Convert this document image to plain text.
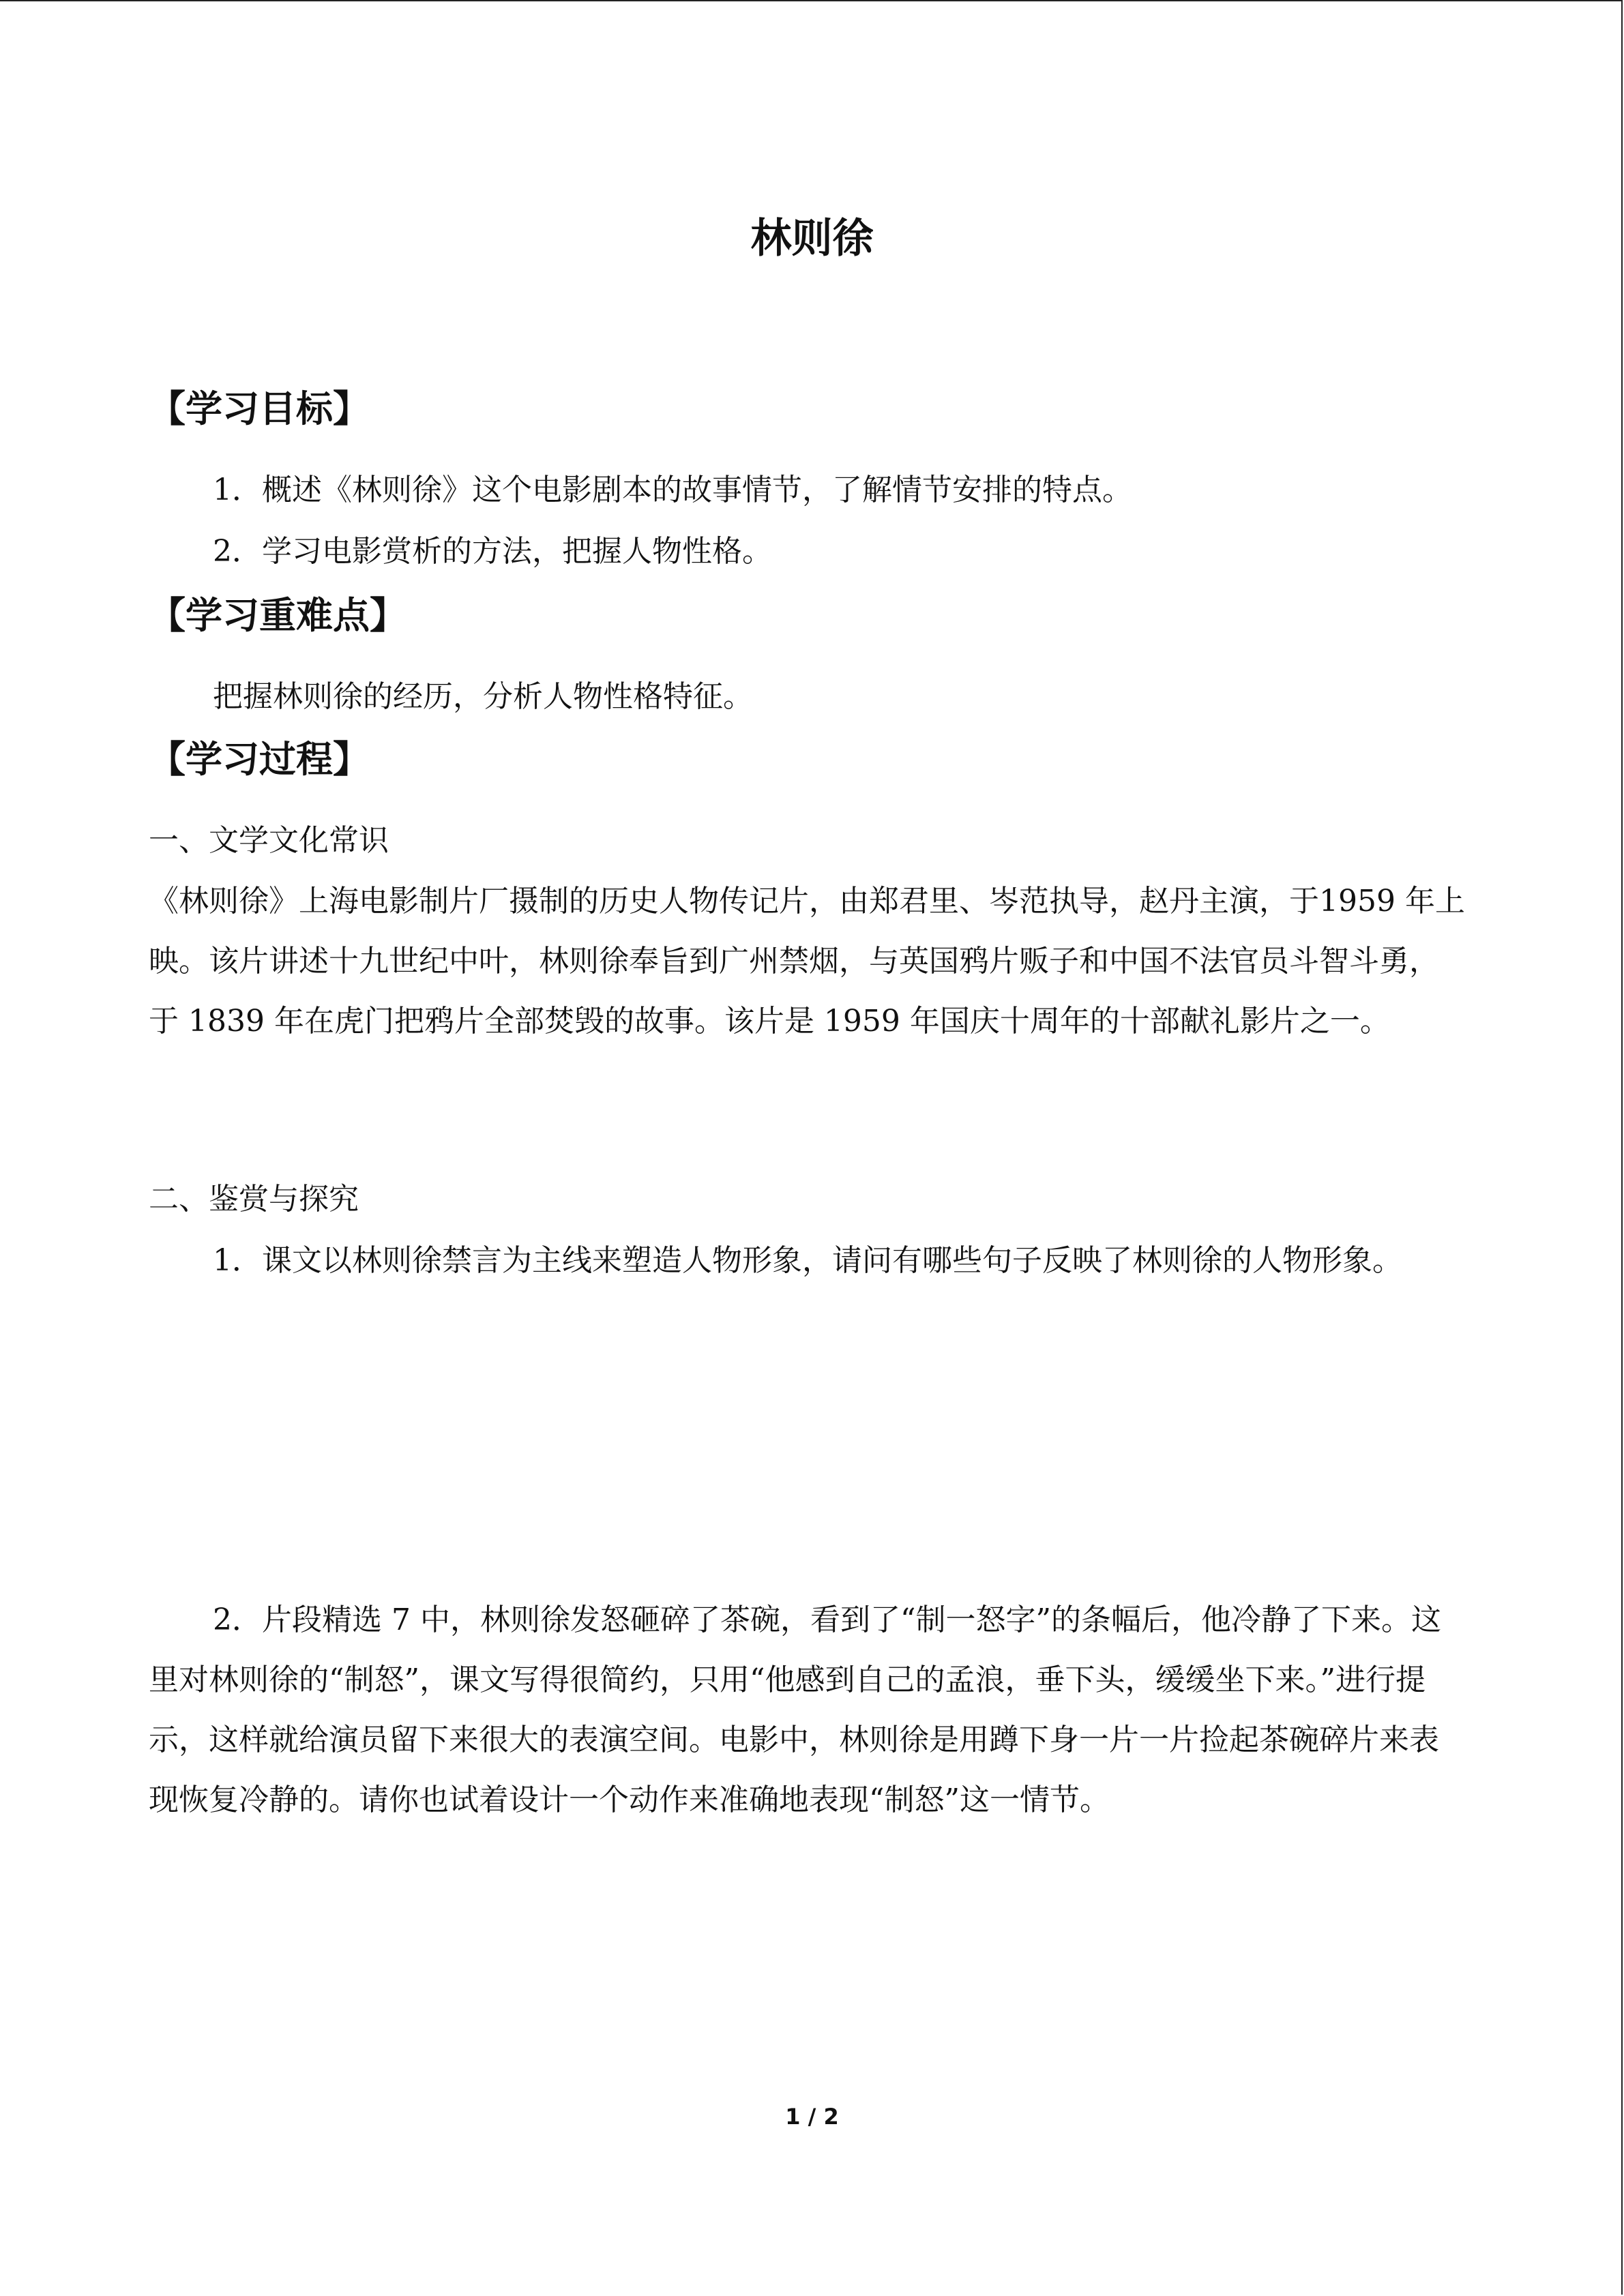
林则徐
【学习目标】
1．概述《林则徐》这个电影剧本的故事情节，了解情节安排的特点。
2．学习电影赏析的方法，把握人物性格。
【学习重难点】
把握林则徐的经历，分析人物性格特征。
【学习过程】
一、文学文化常识
《林则徐》上海电影制片厂摄制的历史人物传记片，由郑君里、岑范执导，赵丹主演，于1959 年上映。该片讲述十九世纪中叶，林则徐奉旨到广州禁烟，与英国鸦片贩子和中国不法官员斗智斗勇，于 1839 年在虎门把鸦片全部焚毁的故事。该片是 1959 年国庆十周年的十部献礼影片之一。
二、鉴赏与探究
1．课文以林则徐禁言为主线来塑造人物形象，请问有哪些句子反映了林则徐的人物形象。
2．片段精选 7 中，林则徐发怒砸碎了茶碗，看到了“制一怒字”的条幅后，他冷静了下来。这里对林则徐的“制怒”，课文写得很简约，只用“他感到自己的孟浪，垂下头，缓缓坐下来。”进行提示，这样就给演员留下来很大的表演空间。电影中，林则徐是用蹲下身一片一片捡起茶碗碎片来表现恢复冷静的。请你也试着设计一个动作来准确地表现“制怒”这一情节。
1 / 2
